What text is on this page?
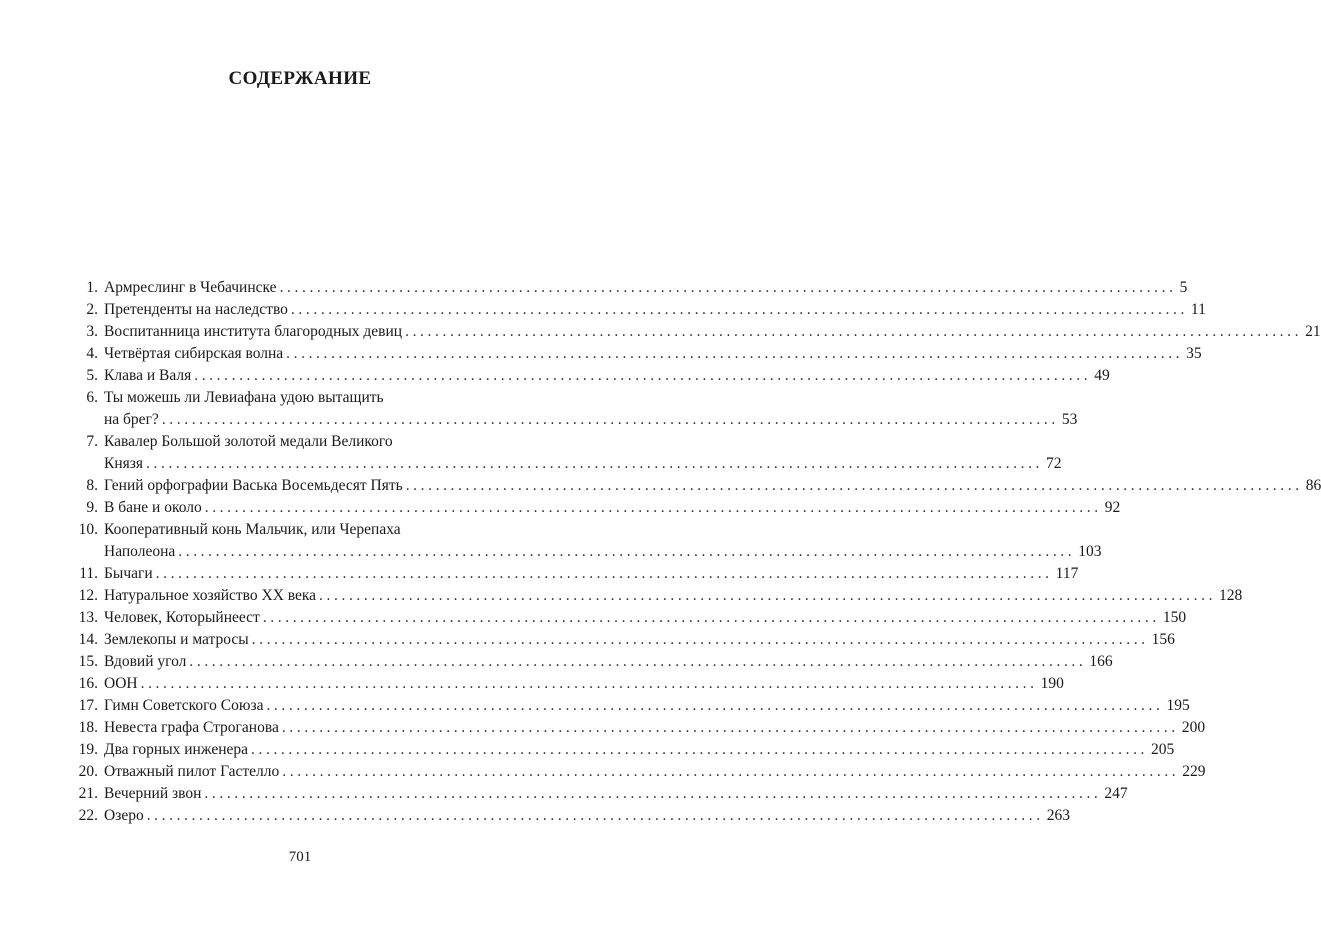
СОДЕРЖАНИЕ
1. Армреслинг в Чебачинске ........................................................................................................................ 5
2. Претенденты на наследство ........................................................................................................................ 11
3. Воспитанница института благородных девиц ........................................................................................................................ 21
4. Четвёртая сибирская волна ........................................................................................................................ 35
5. Клава и Валя ........................................................................................................................ 49
6. Ты можешь ли Левиафана удою вытащить
на брег? ........................................................................................................................ 53
7. Кавалер Большой золотой медали Великого
Князя ........................................................................................................................ 72
8. Гений орфографии Васька Восемьдесят Пять ........................................................................................................................ 86
9. В бане и около ........................................................................................................................ 92
10. Кооперативный конь Мальчик, или Черепаха
Наполеона ........................................................................................................................ 103
11. Бычаги ........................................................................................................................ 117
12. Натуральное хозяйство XX века ........................................................................................................................ 128
13. Человек, Которыйнеест ........................................................................................................................ 150
14. Землекопы и матросы ........................................................................................................................ 156
15. Вдовий угол ........................................................................................................................ 166
16. ООН ........................................................................................................................ 190
17. Гимн Советского Союза ........................................................................................................................ 195
18. Невеста графа Строганова ........................................................................................................................ 200
19. Два горных инженера ........................................................................................................................ 205
20. Отважный пилот Гастелло ........................................................................................................................ 229
21. Вечерний звон ........................................................................................................................ 247
22. Озеро ........................................................................................................................ 263
701
